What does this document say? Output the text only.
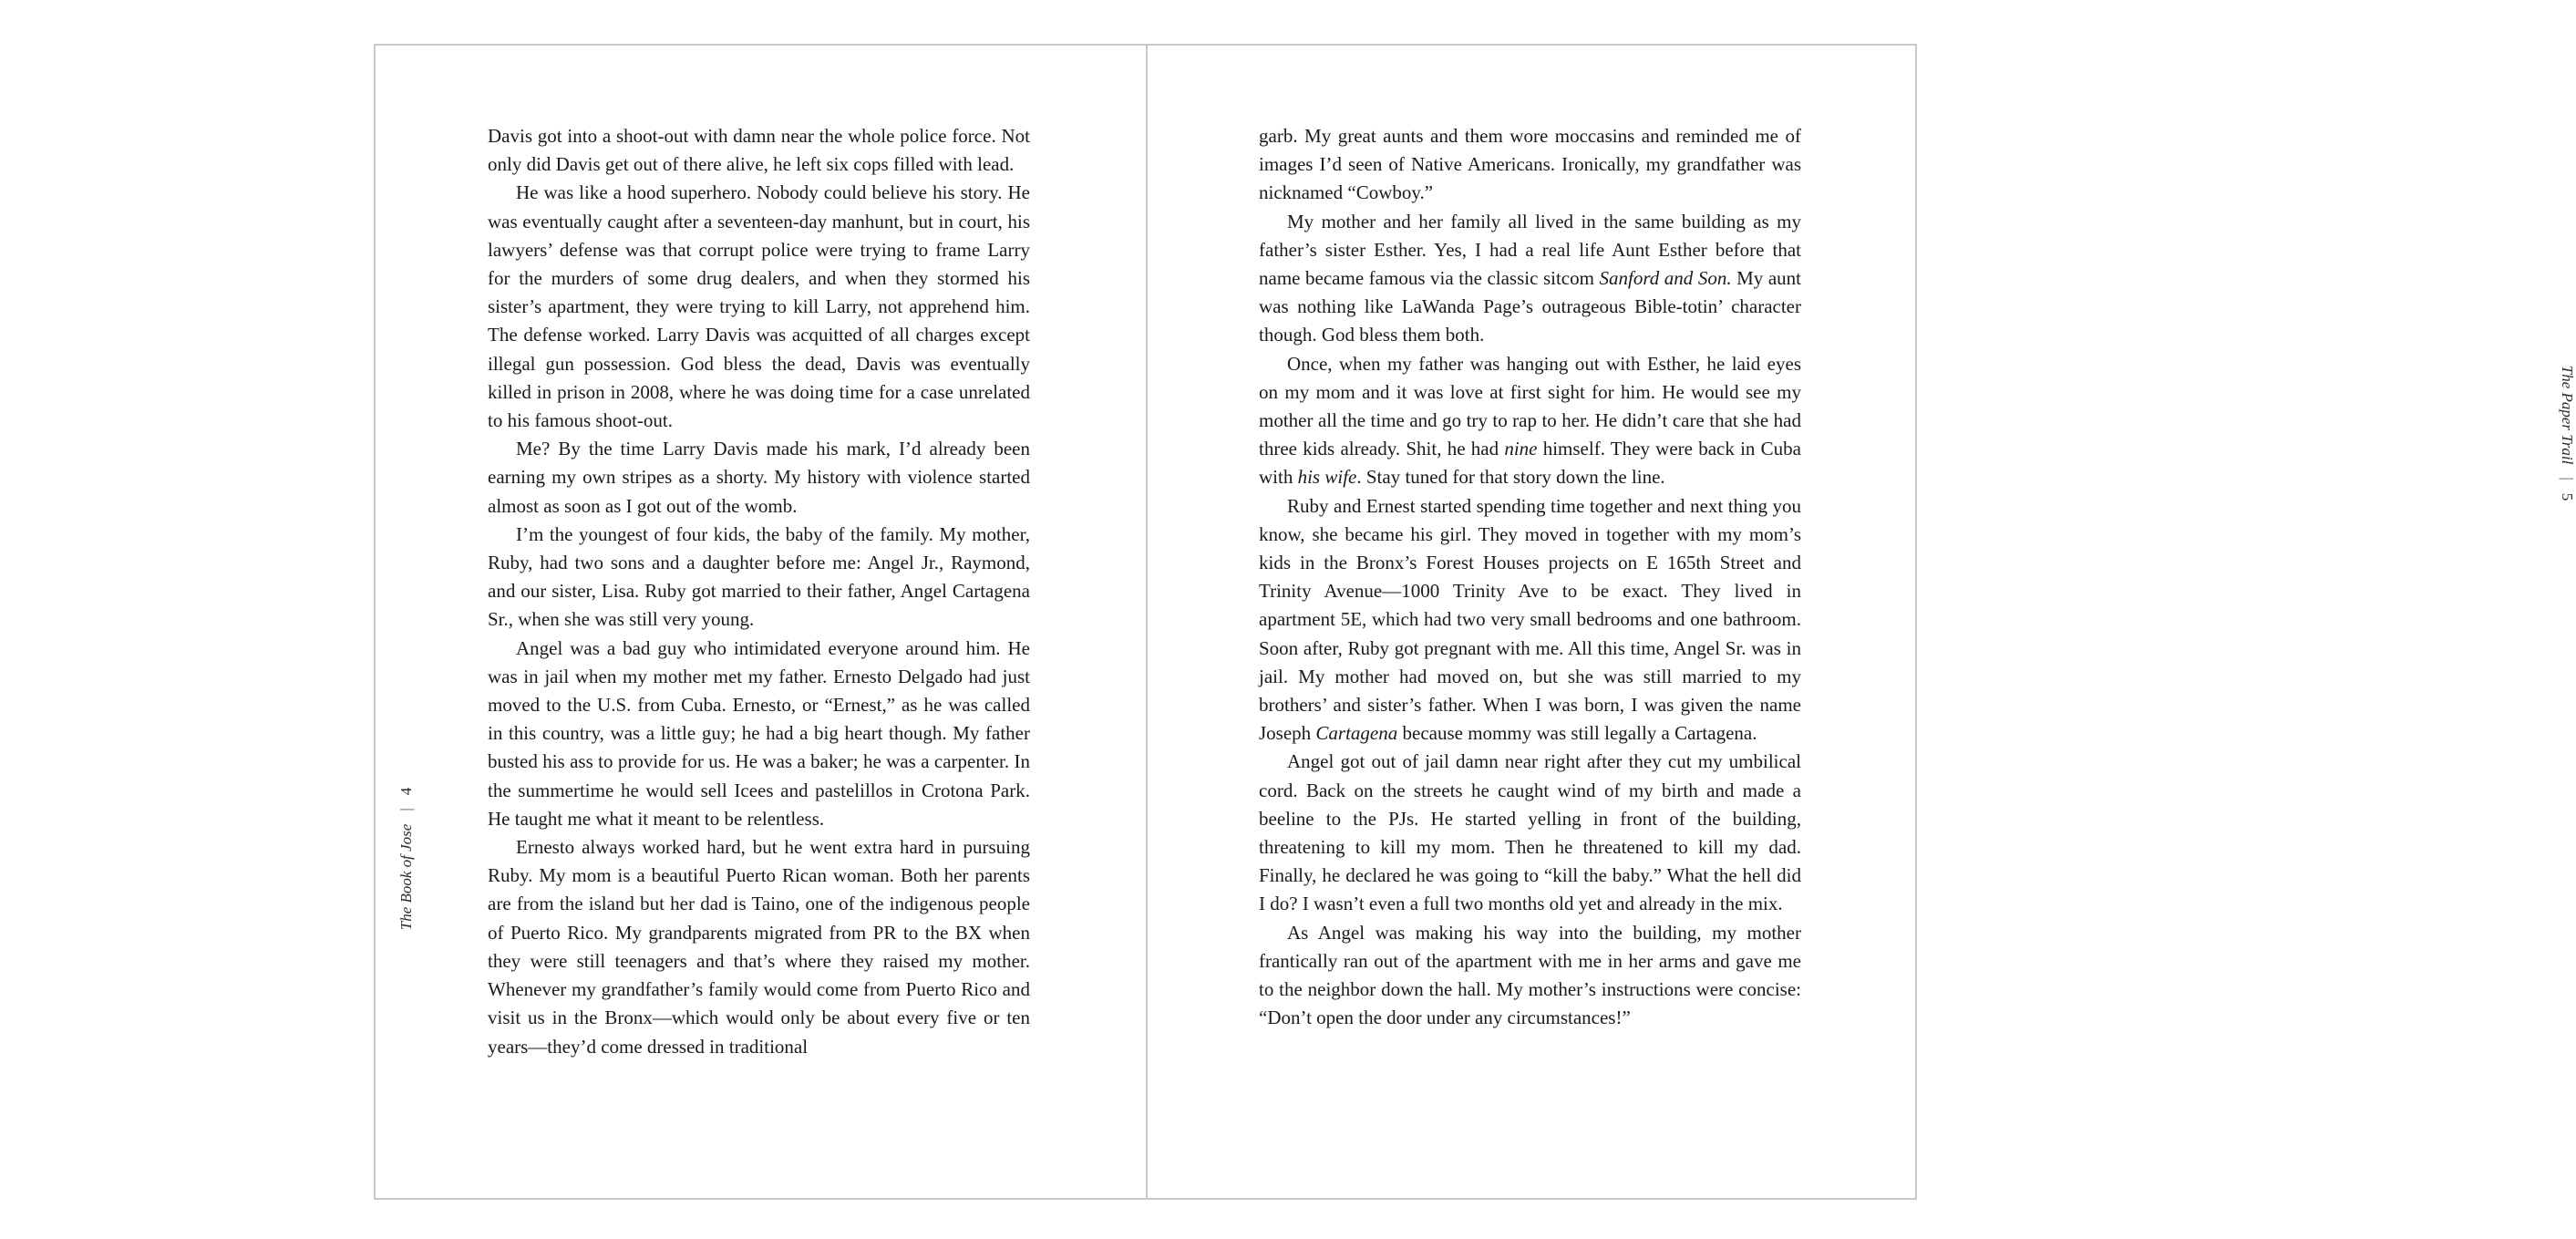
Davis got into a shoot-out with damn near the whole police force. Not only did Davis get out of there alive, he left six cops filled with lead.

He was like a hood superhero. Nobody could believe his story. He was eventually caught after a seventeen-day manhunt, but in court, his lawyers’ defense was that corrupt police were trying to frame Larry for the murders of some drug dealers, and when they stormed his sister’s apartment, they were trying to kill Larry, not apprehend him. The defense worked. Larry Davis was acquitted of all charges except illegal gun possession. God bless the dead, Davis was eventually killed in prison in 2008, where he was doing time for a case unrelated to his famous shoot-out.

Me? By the time Larry Davis made his mark, I’d already been earning my own stripes as a shorty. My history with violence started almost as soon as I got out of the womb.

I’m the youngest of four kids, the baby of the family. My mother, Ruby, had two sons and a daughter before me: Angel Jr., Raymond, and our sister, Lisa. Ruby got married to their father, Angel Cartagena Sr., when she was still very young.

Angel was a bad guy who intimidated everyone around him. He was in jail when my mother met my father. Ernesto Delgado had just moved to the U.S. from Cuba. Ernesto, or “Ernest,” as he was called in this country, was a little guy; he had a big heart though. My father busted his ass to provide for us. He was a baker; he was a carpenter. In the summertime he would sell Icees and pastelillos in Crotona Park. He taught me what it meant to be relentless.

Ernesto always worked hard, but he went extra hard in pursuing Ruby. My mom is a beautiful Puerto Rican woman. Both her parents are from the island but her dad is Taino, one of the indigenous people of Puerto Rico. My grandparents migrated from PR to the BX when they were still teenagers and that’s where they raised my mother. Whenever my grandfather’s family would come from Puerto Rico and visit us in the Bronx—which would only be about every five or ten years—they’d come dressed in traditional

The Book of Jose
|
4

garb. My great aunts and them wore moccasins and reminded me of images I’d seen of Native Americans. Ironically, my grandfather was nicknamed “Cowboy.”

My mother and her family all lived in the same building as my father’s sister Esther. Yes, I had a real life Aunt Esther before that name became famous via the classic sitcom Sanford and Son. My aunt was nothing like LaWanda Page’s outrageous Bible-totin’ character though. God bless them both.

Once, when my father was hanging out with Esther, he laid eyes on my mom and it was love at first sight for him. He would see my mother all the time and go try to rap to her. He didn’t care that she had three kids already. Shit, he had nine himself. They were back in Cuba with his wife. Stay tuned for that story down the line.

Ruby and Ernest started spending time together and next thing you know, she became his girl. They moved in together with my mom’s kids in the Bronx’s Forest Houses projects on E 165th Street and Trinity Avenue—1000 Trinity Ave to be exact. They lived in apartment 5E, which had two very small bedrooms and one bathroom. Soon after, Ruby got pregnant with me. All this time, Angel Sr. was in jail. My mother had moved on, but she was still married to my brothers’ and sister’s father. When I was born, I was given the name Joseph Cartagena because mommy was still legally a Cartagena.

Angel got out of jail damn near right after they cut my umbilical cord. Back on the streets he caught wind of my birth and made a beeline to the PJs. He started yelling in front of the building, threatening to kill my mom. Then he threatened to kill my dad. Finally, he declared he was going to “kill the baby.” What the hell did I do? I wasn’t even a full two months old yet and already in the mix.

As Angel was making his way into the building, my mother frantically ran out of the apartment with me in her arms and gave me to the neighbor down the hall. My mother’s instructions were concise: “Don’t open the door under any circumstances!”

The Paper Trail
|
5
